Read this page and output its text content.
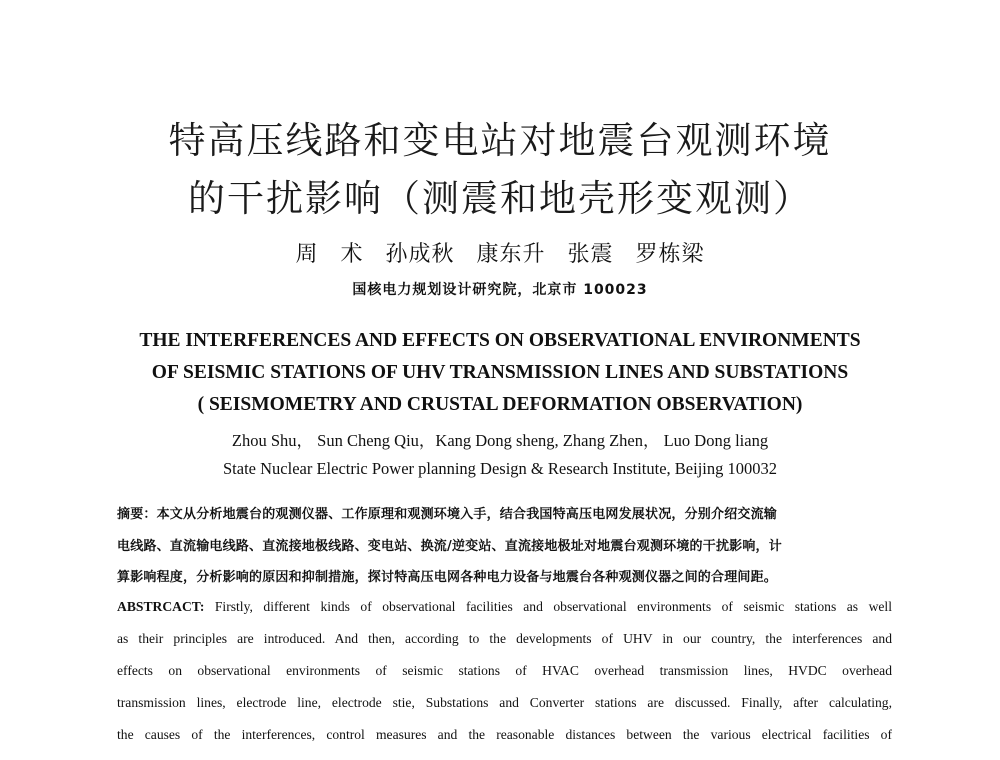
特高压线路和变电站对地震台观测环境
的干扰影响（测震和地壳形变观测）
周 术 孙成秋 康东升 张震 罗栋梁
国核电力规划设计研究院，北京市 100023
THE INTERFERENCES AND EFFECTS ON OBSERVATIONAL ENVIRONMENTS
OF SEISMIC STATIONS OF UHV TRANSMISSION LINES AND SUBSTATIONS
( SEISMOMETRY AND CRUSTAL DEFORMATION OBSERVATION)
Zhou Shu， Sun Cheng Qiu，Kang Dong sheng, Zhang Zhen， Luo Dong liang
State Nuclear Electric Power planning Design & Research Institute, Beijing 100032
摘要：本文从分析地震台的观测仪器、工作原理和观测环境入手，结合我国特高压电网发展状况，分别介绍交流输
电线路、直流输电线路、直流接地极线路、变电站、换流/逆变站、直流接地极址对地震台观测环境的干扰影响，计
算影响程度，分析影响的原因和抑制措施，探讨特高压电网各种电力设备与地震台各种观测仪器之间的合理间距。
ABSTRCACT: Firstly, different kinds of observational facilities and observational environments of seismic stations as well
as their principles are introduced. And then, according to the developments of UHV in our country, the interferences and
effects on observational environments of seismic stations of HVAC overhead transmission lines, HVDC overhead
transmission lines, electrode line, electrode stie, Substations and Converter stations are discussed. Finally, after calculating,
the causes of the interferences, control measures and the reasonable distances between the various electrical facilities of
